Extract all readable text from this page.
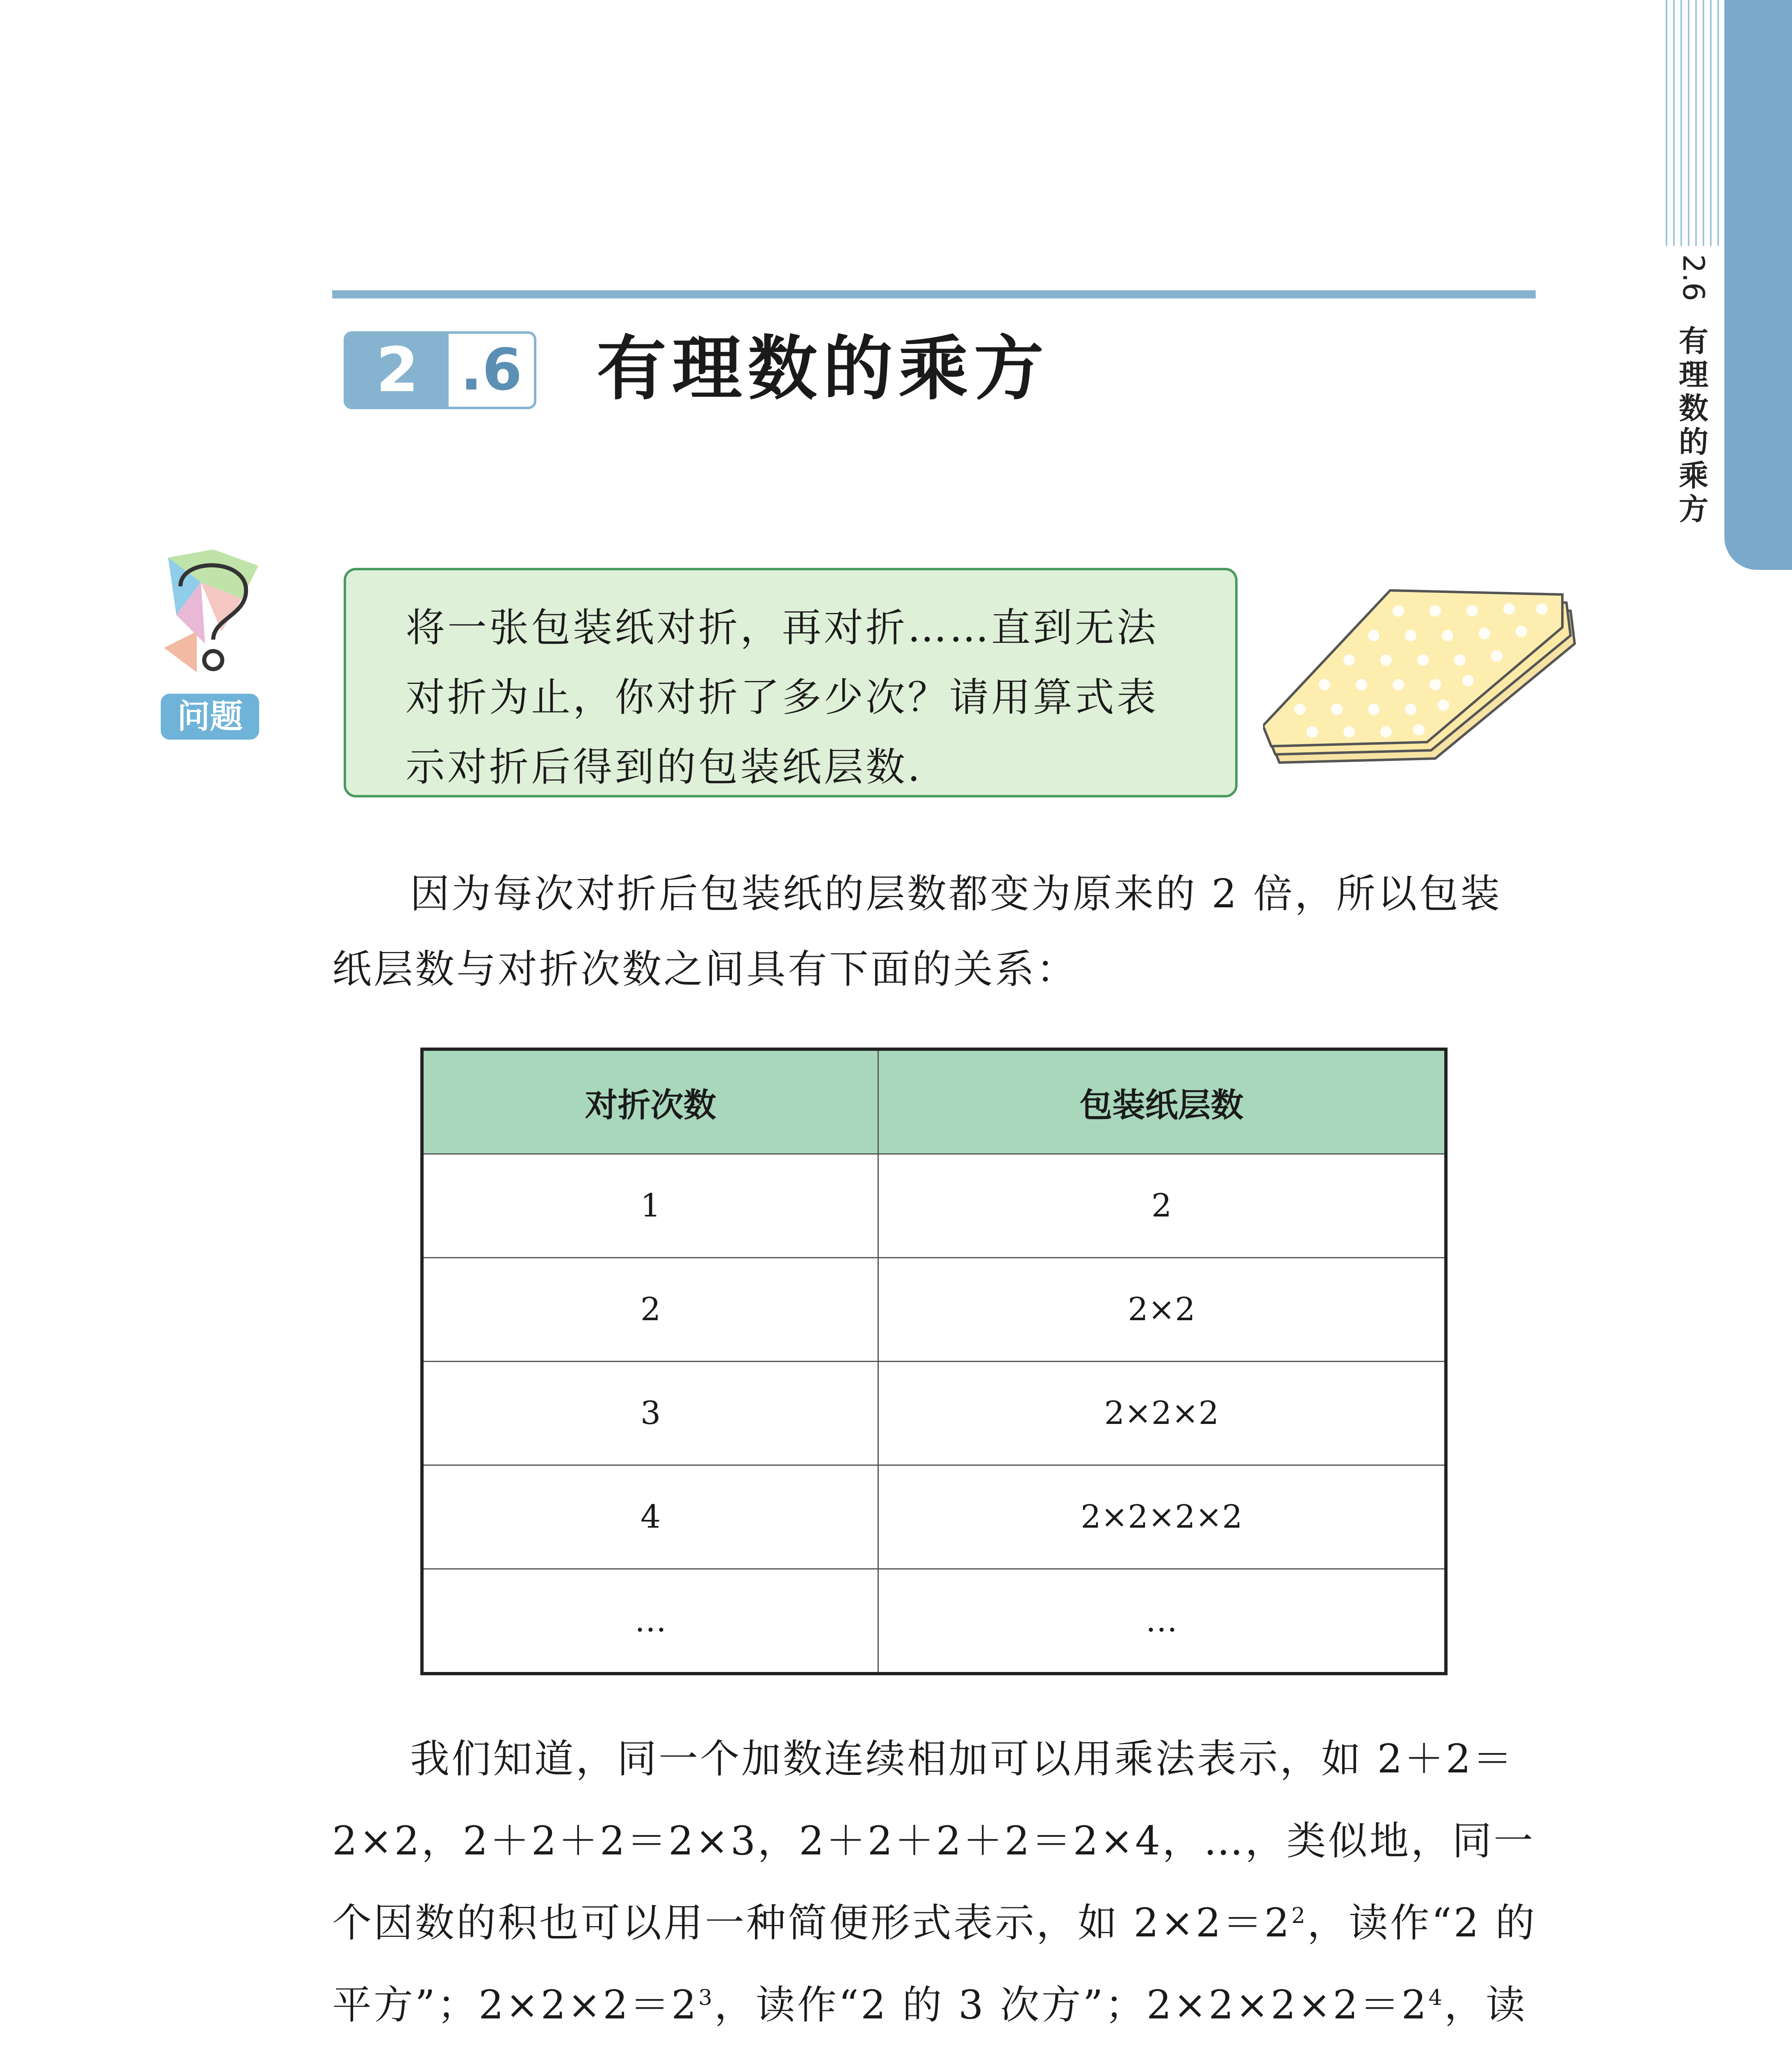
2.6
有理数的乘方
2 .6 有理数的乘方
问题
将一张包装纸对折，再对折……直到无法对折为止，你对折了多少次？请用算式表示对折后得到的包装纸层数.
因为每次对折后包装纸的层数都变为原来的 2 倍，所以包装纸层数与对折次数之间具有下面的关系：
对折次数	包装纸层数
1	2
2	2×2
3	2×2×2
4	2×2×2×2
…	…
我们知道，同一个加数连续相加可以用乘法表示，如 2＋2＝2×2，2＋2＋2＝2×3，2＋2＋2＋2＝2×4，…，类似地，同一个因数的积也可以用一种简便形式表示，如 $2\times 2=2^2$，读作“2 的平方”；$2\times 2\times 2=2^3$，读作“2 的 3 次方”；$2\times 2\times 2\times 2=2^4$，读
